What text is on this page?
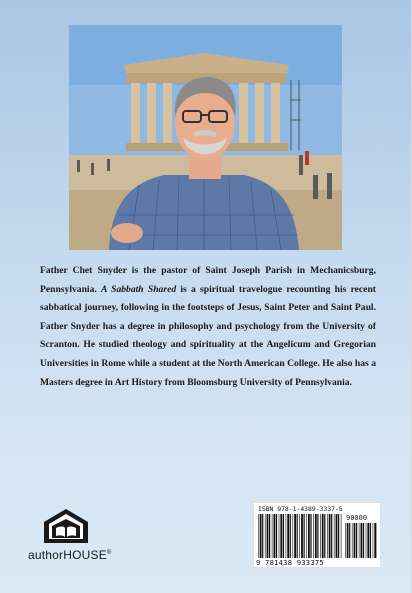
Father Chet Snyder is the pastor of Saint Joseph Parish in Mechanicsburg, Pennsylvania. A Sabbath Shared is a spiritual travelogue recounting his recent sabbatical journey, following in the footsteps of Jesus, Saint Peter and Saint Paul. Father Snyder has a degree in philosophy and psychology from the University of Scranton. He studied theology and spirituality at the Angelicum and Gregorian Universities in Rome while a student at the North American College. He also has a Masters degree in Art History from Bloomsburg University of Pennsylvania.
authorHOUSE®
ISBN 978-1-4389-3337-5
90000
9 781438 933375
